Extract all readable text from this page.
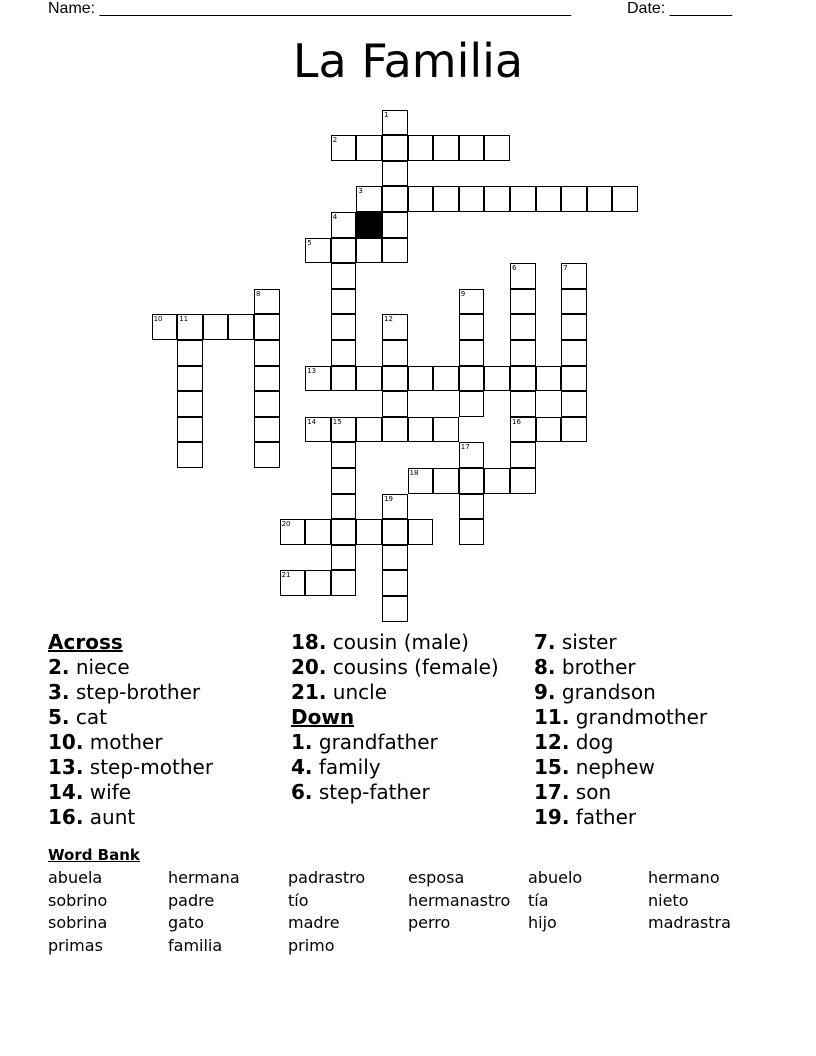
Name: _____________________________________________________	Date: _______
La Familia
1
2
3
4
5
6	7
8	9
10 11	12
13
14 15	16
17
18
19
20
21
Across
2. niece
3. step-brother
5. cat
10. mother
13. step-mother
14. wife
16. aunt
18. cousin (male)
20. cousins (female)
21. uncle
Down
1. grandfather
4. family
6. step-father
7. sister
8. brother
9. grandson
11. grandmother
12. dog
15. nephew
17. son
19. father
Word Bank
abuela	hermana	padrastro	esposa	abuelo	hermano
sobrino	padre	tío	hermanastro	tía	nieto
sobrina	gato	madre	perro	hijo	madrastra
primas	familia	primo
